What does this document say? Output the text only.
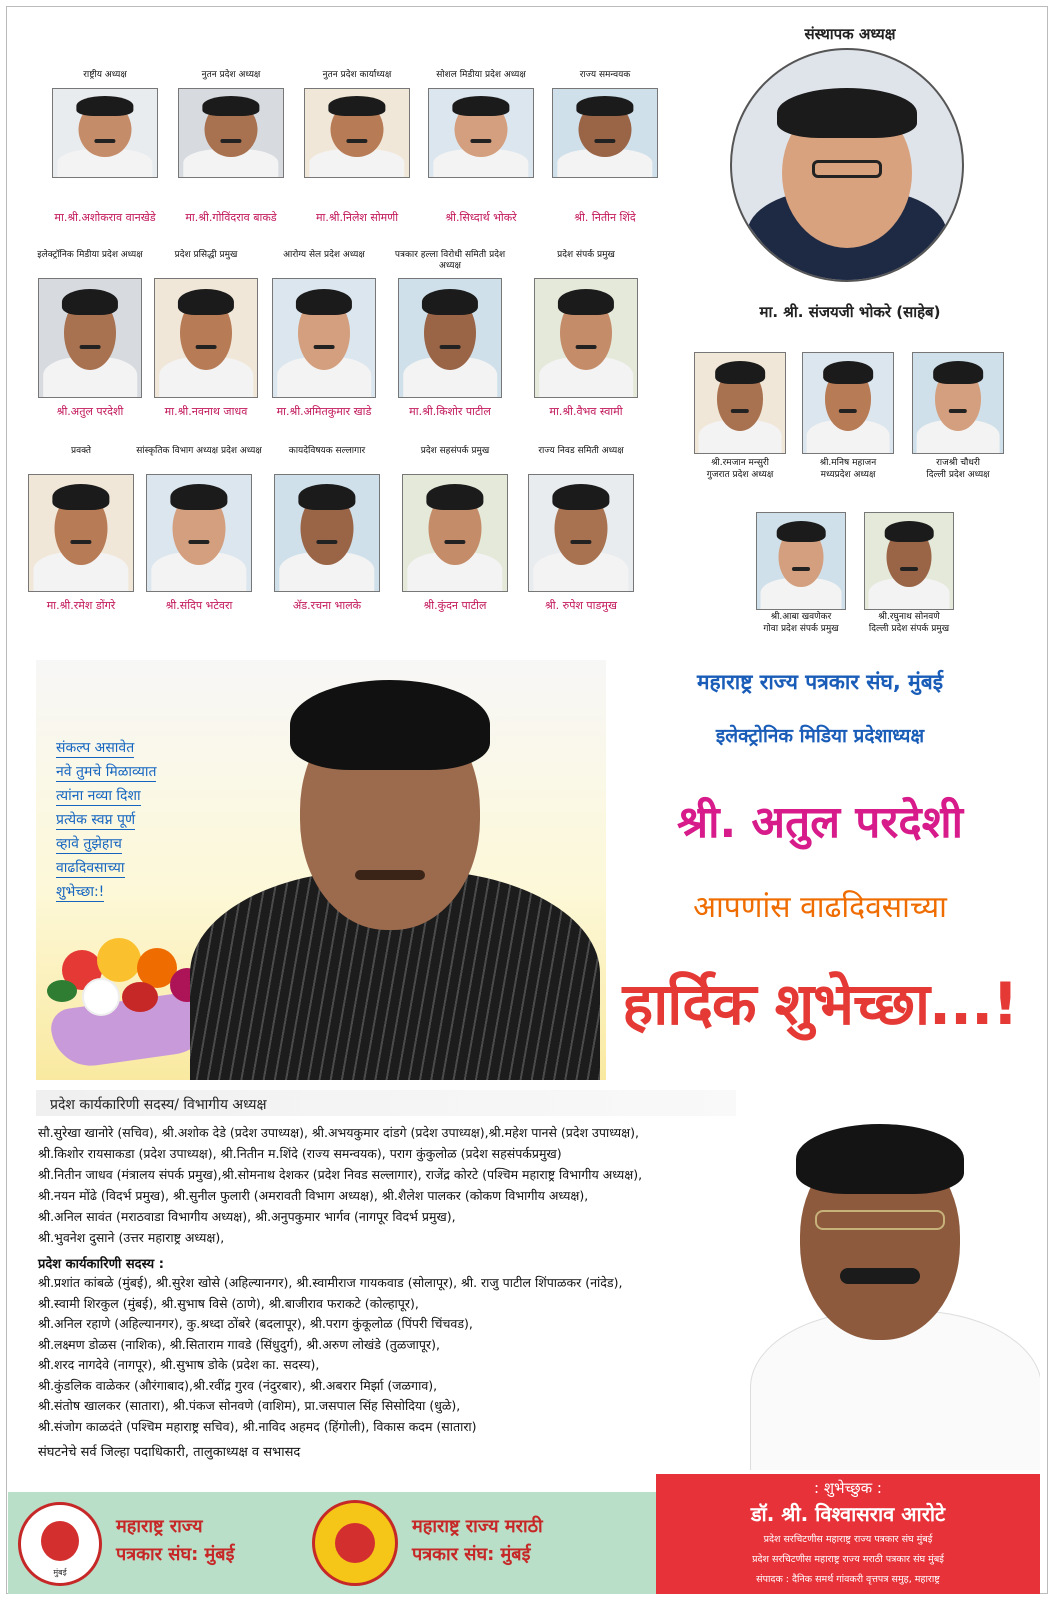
राष्ट्रीय अध्यक्ष
मा.श्री.अशोकराव वानखेडे
नुतन प्रदेश अध्यक्ष
मा.श्री.गोविंदराव बाकडे
नुतन प्रदेश कार्याध्यक्ष
मा.श्री.निलेश सोमणी
सोशल मिडीया प्रदेश अध्यक्ष
श्री.सिध्दार्थ भोकरे
राज्य समन्वयक
श्री. नितीन शिंदे
इलेक्ट्रॉनिक मिडीया प्रदेश अध्यक्ष
श्री.अतुल परदेशी
प्रदेश प्रसिद्धी प्रमुख
मा.श्री.नवनाथ जाधव
आरोग्य सेल प्रदेश अध्यक्ष
मा.श्री.अमितकुमार खाडे
पत्रकार हल्ला विरोधी समिती प्रदेश अध्यक्ष
मा.श्री.किशोर पाटील
प्रदेश संपर्क प्रमुख
मा.श्री.वैभव स्वामी
प्रवक्ते
मा.श्री.रमेश डोंगरे
सांस्कृतिक विभाग अध्यक्ष प्रदेश अध्यक्ष
श्री.संदिप भटेवरा
कायदेविषयक सल्लागार
ॲड.रचना भालके
प्रदेश सहसंपर्क प्रमुख
श्री.कुंदन पाटील
राज्य निवड समिती अध्यक्ष
श्री. रुपेश पाडमुख
संस्थापक अध्यक्ष
मा. श्री. संजयजी भोकरे (साहेब)
श्री.रमजान मन्सुरी
गुजरात प्रदेश अध्यक्ष
श्री.मनिष महाजन
मध्यप्रदेश अध्यक्ष
राजश्री चौधरी
दिल्ली प्रदेश अध्यक्ष
श्री.आबा खवणेकर
गोवा प्रदेश संपर्क प्रमुख
श्री.रघुनाथ सोनवणे
दिल्ली प्रदेश संपर्क प्रमुख
संकल्प असावेत
नवे तुमचे मिळाव्यात
त्यांना नव्या दिशा
प्रत्येक स्वप्न पूर्ण
व्हावे तुझेहाच
वाढदिवसाच्या
शुभेच्छा:!
महाराष्ट्र राज्य पत्रकार संघ, मुंबई
इलेक्ट्रोनिक मिडिया प्रदेशाध्यक्ष
श्री. अतुल परदेशी
आपणांस वाढदिवसाच्या
हार्दिक शुभेच्छा...!
प्रदेश कार्यकारिणी सदस्य/ विभागीय अध्यक्ष
सौ.सुरेखा खानोरे (सचिव), श्री.अशोक देडे (प्रदेश उपाध्यक्ष), श्री.अभयकुमार दांडगे (प्रदेश उपाध्यक्ष),श्री.महेश पानसे (प्रदेश उपाध्यक्ष),
श्री.किशोर रायसाकडा (प्रदेश उपाध्यक्ष), श्री.नितीन म.शिंदे (राज्य समन्वयक), पराग कुंकुलोळ (प्रदेश सहसंपर्कप्रमुख)
श्री.नितीन जाधव (मंत्रालय संपर्क प्रमुख),श्री.सोमनाथ देशकर (प्रदेश निवड सल्लागार), राजेंद्र कोरटे (पश्चिम महाराष्ट्र विभागीय अध्यक्ष),
श्री.नयन मोंढे (विदर्भ प्रमुख), श्री.सुनील फुलारी (अमरावती विभाग अध्यक्ष), श्री.शैलेश पालकर (कोकण विभागीय अध्यक्ष),
श्री.अनिल सावंत (मराठवाडा विभागीय अध्यक्ष), श्री.अनुपकुमार भार्गव (नागपूर विदर्भ प्रमुख),
श्री.भुवनेश दुसाने (उत्तर महाराष्ट्र अध्यक्ष),
श्री.प्रशांत कांबळे (मुंबई), श्री.सुरेश खोसे (अहिल्यानगर), श्री.स्वामीराज गायकवाड (सोलापूर), श्री. राजु पाटील शिंपाळकर (नांदेड),
श्री.स्वामी शिरकुल (मुंबई), श्री.सुभाष विसे (ठाणे), श्री.बाजीराव फराकटे (कोल्हापूर),
श्री.अनिल रहाणे (अहिल्यानगर), कु.श्रध्दा ठोंबरे (बदलापूर), श्री.पराग कुंकूलोळ (पिंपरी चिंचवड),
श्री.लक्ष्मण डोळस (नाशिक), श्री.सिताराम गावडे (सिंधुदुर्ग), श्री.अरुण लोखंडे (तुळजापूर),
श्री.शरद नागदेवे (नागपूर), श्री.सुभाष डोके (प्रदेश का. सदस्य),
श्री.कुंडलिक वाळेकर (औरंगाबाद),श्री.रवींद्र गुरव (नंदुरबार), श्री.अबरार मिर्झा (जळगाव),
श्री.संतोष खालकर (सातारा), श्री.पंकज सोनवणे (वाशिम), प्रा.जसपाल सिंह सिसोदिया (धुळे),
श्री.संजोग काळदंते (पश्चिम महाराष्ट्र सचिव), श्री.नाविद अहमद (हिंगोली), विकास कदम (सातारा)
प्रदेश कार्यकारिणी सदस्य :
संघटनेचे सर्व जिल्हा पदाधिकारी, तालुकाध्यक्ष व सभासद
मुंबई
महाराष्ट्र राज्य
पत्रकार संघ: मुंबई
महाराष्ट्र राज्य मराठी
पत्रकार संघ: मुंबई
: शुभेच्छुक :
डॉ. श्री. विश्वासराव आरोटे
प्रदेश सरचिटणीस महाराष्ट्र राज्य पत्रकार संघ मुंबई
प्रदेश सरचिटणीस महाराष्ट्र राज्य मराठी पत्रकार संघ मुंबई
संपादक : दैनिक समर्थ गांवकरी वृत्तपत्र समुह, महाराष्ट्र
